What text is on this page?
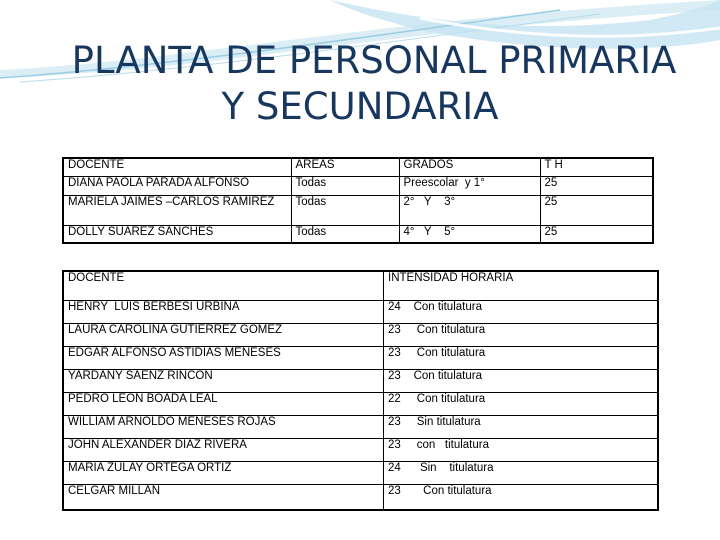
PLANTA DE PERSONAL PRIMARIA
Y SECUNDARIA
DOCENTE	AREAS	GRADOS	T H
DIANA PAOLA PARADA ALFONSO	Todas	Preescolar  y 1°	25
MARIELA JAIMES –CARLOS RAMIREZ	Todas	2°   Y    3°	25
DOLLY SUAREZ SANCHES	Todas	4°   Y    5°	25
DOCENTE	INTENSIDAD HORARIA
HENRY  LUIS BERBESI URBINA	24    Con titulatura
LAURA CAROLINA GUTIERREZ GOMEZ	23     Con titulatura
EDGAR ALFONSO ASTIDIAS MENESES	23     Con titulatura
YARDANY SAENZ RINCON	23    Con titulatura
PEDRO LEON BOADA LEAL	22     Con titulatura
WILLIAM ARNOLDO MENESES ROJAS	23     Sin titulatura
JOHN ALEXANDER DIAZ RIVERA	23     con   titulatura
MARIA ZULAY ORTEGA ORTIZ	24      Sin    titulatura
CELGAR MILLAN	23       Con titulatura
